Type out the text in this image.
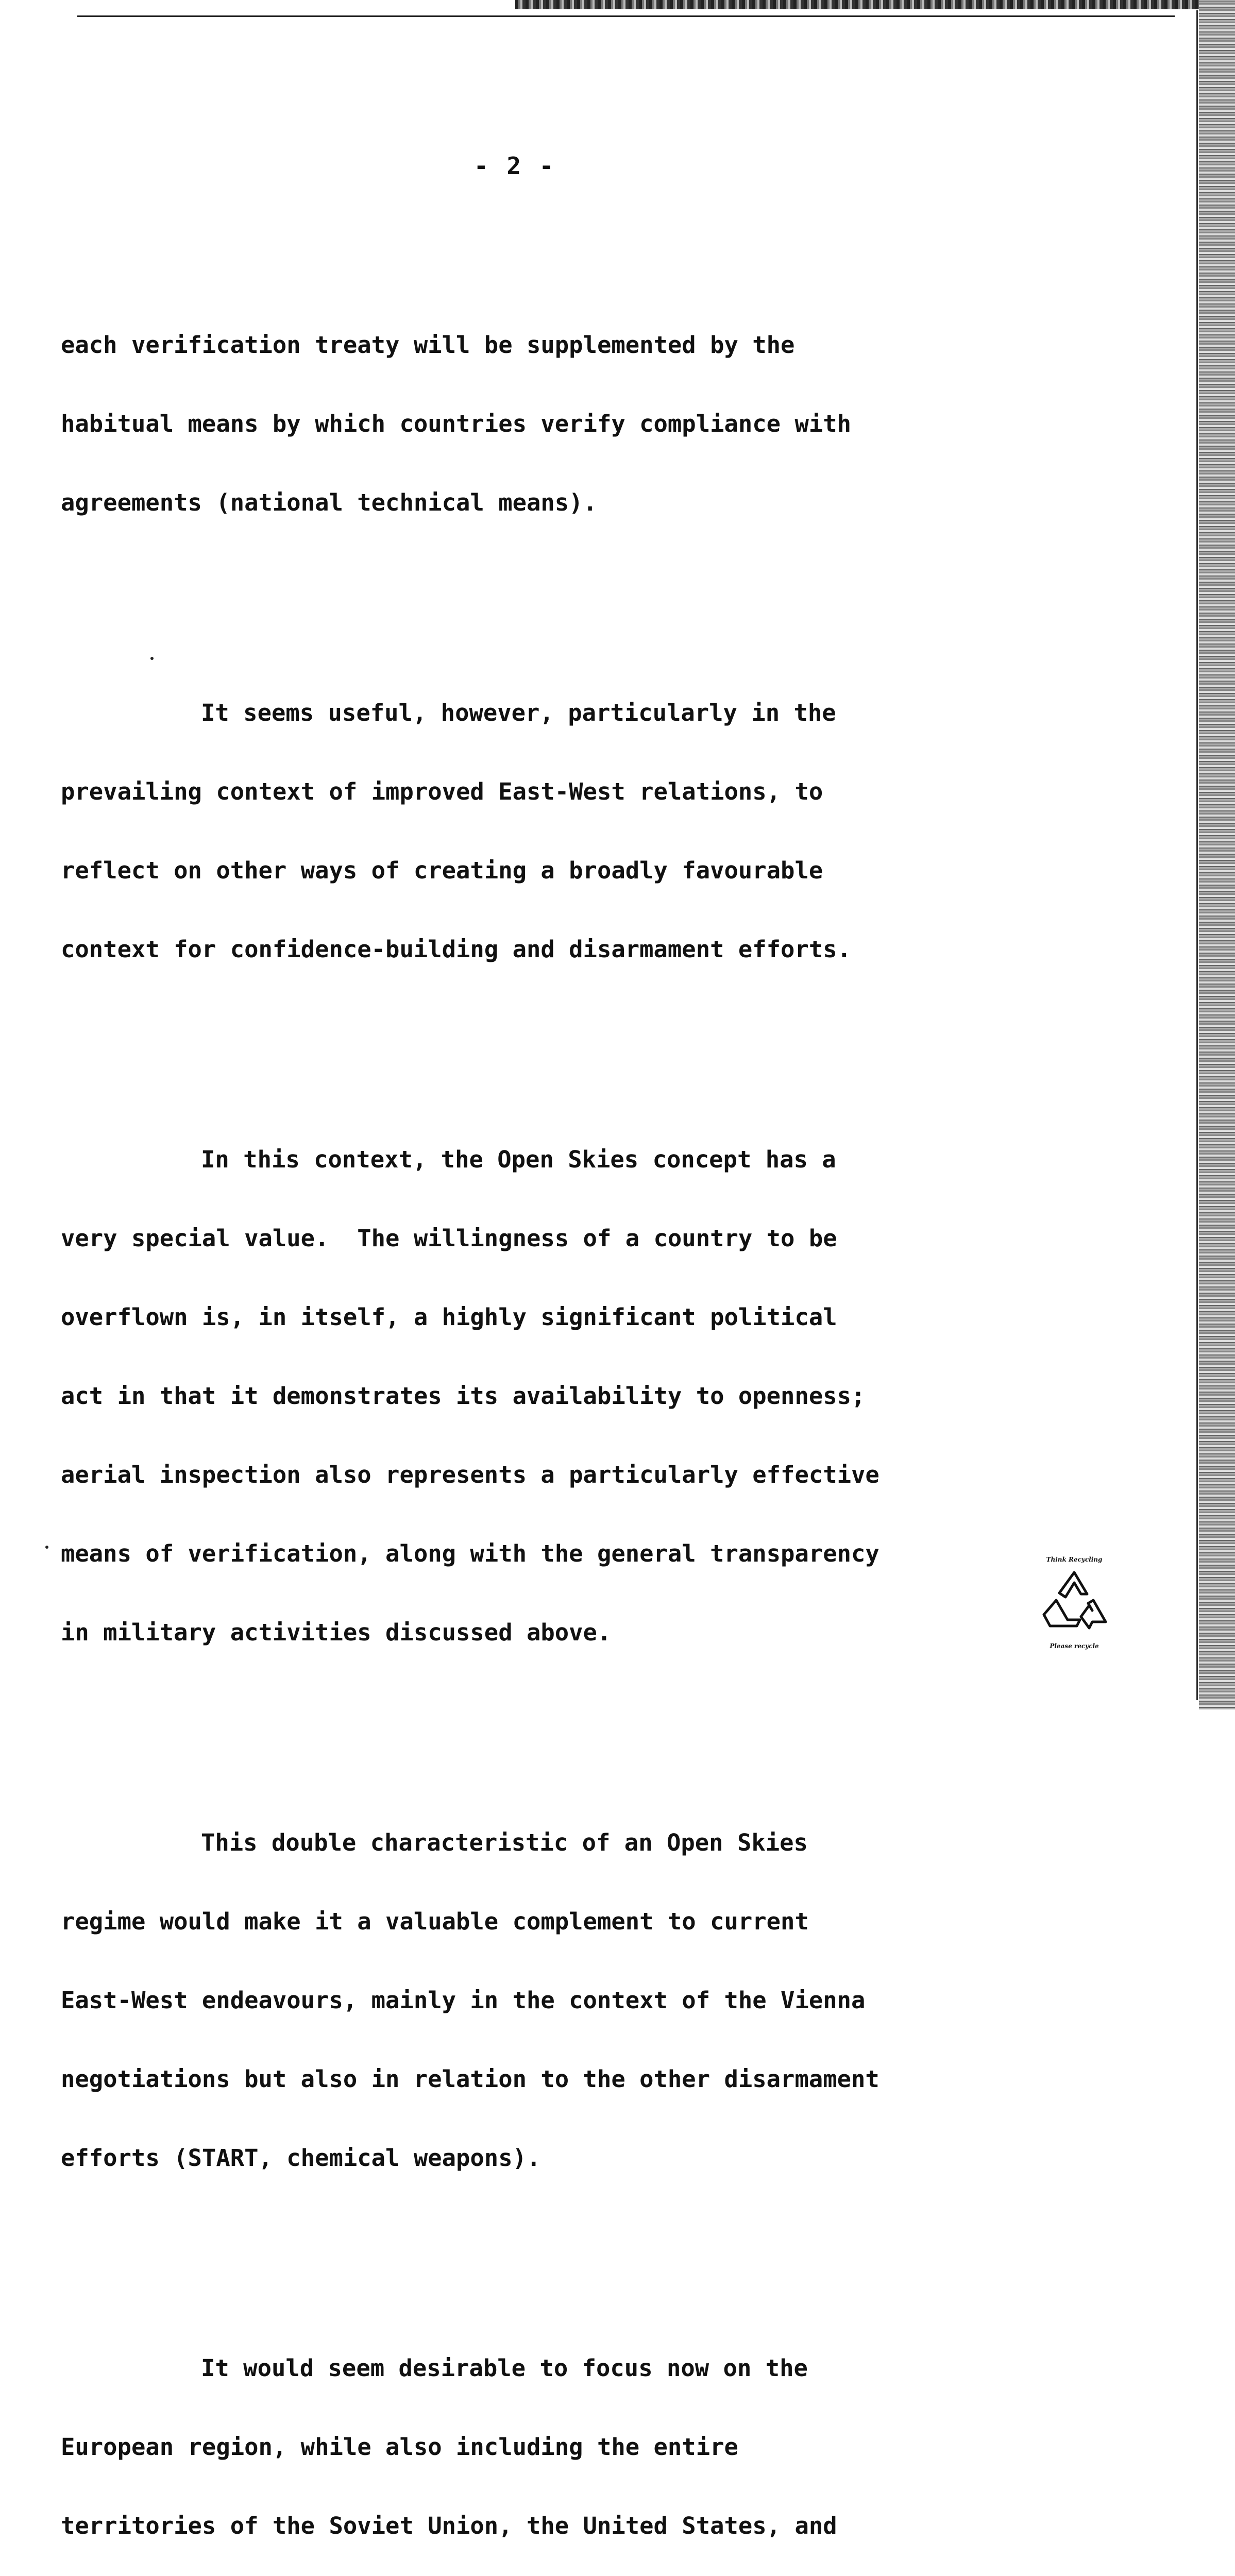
- 2 -

each verification treaty will be supplemented by the

habitual means by which countries verify compliance with

agreements (national technical means).

It seems useful, however, particularly in the

prevailing context of improved East-West relations, to

reflect on other ways of creating a broadly favourable

context for confidence-building and disarmament efforts.

In this context, the Open Skies concept has a

very special value.  The willingness of a country to be

overflown is, in itself, a highly significant political

act in that it demonstrates its availability to openness;

aerial inspection also represents a particularly effective

means of verification, along with the general transparency

in military activities discussed above.

This double characteristic of an Open Skies

regime would make it a valuable complement to current

East-West endeavours, mainly in the context of the Vienna

negotiations but also in relation to the other disarmament

efforts (START, chemical weapons).

It would seem desirable to focus now on the

European region, while also including the entire

territories of the Soviet Union, the United States, and

Think Recycling
Please recycle
